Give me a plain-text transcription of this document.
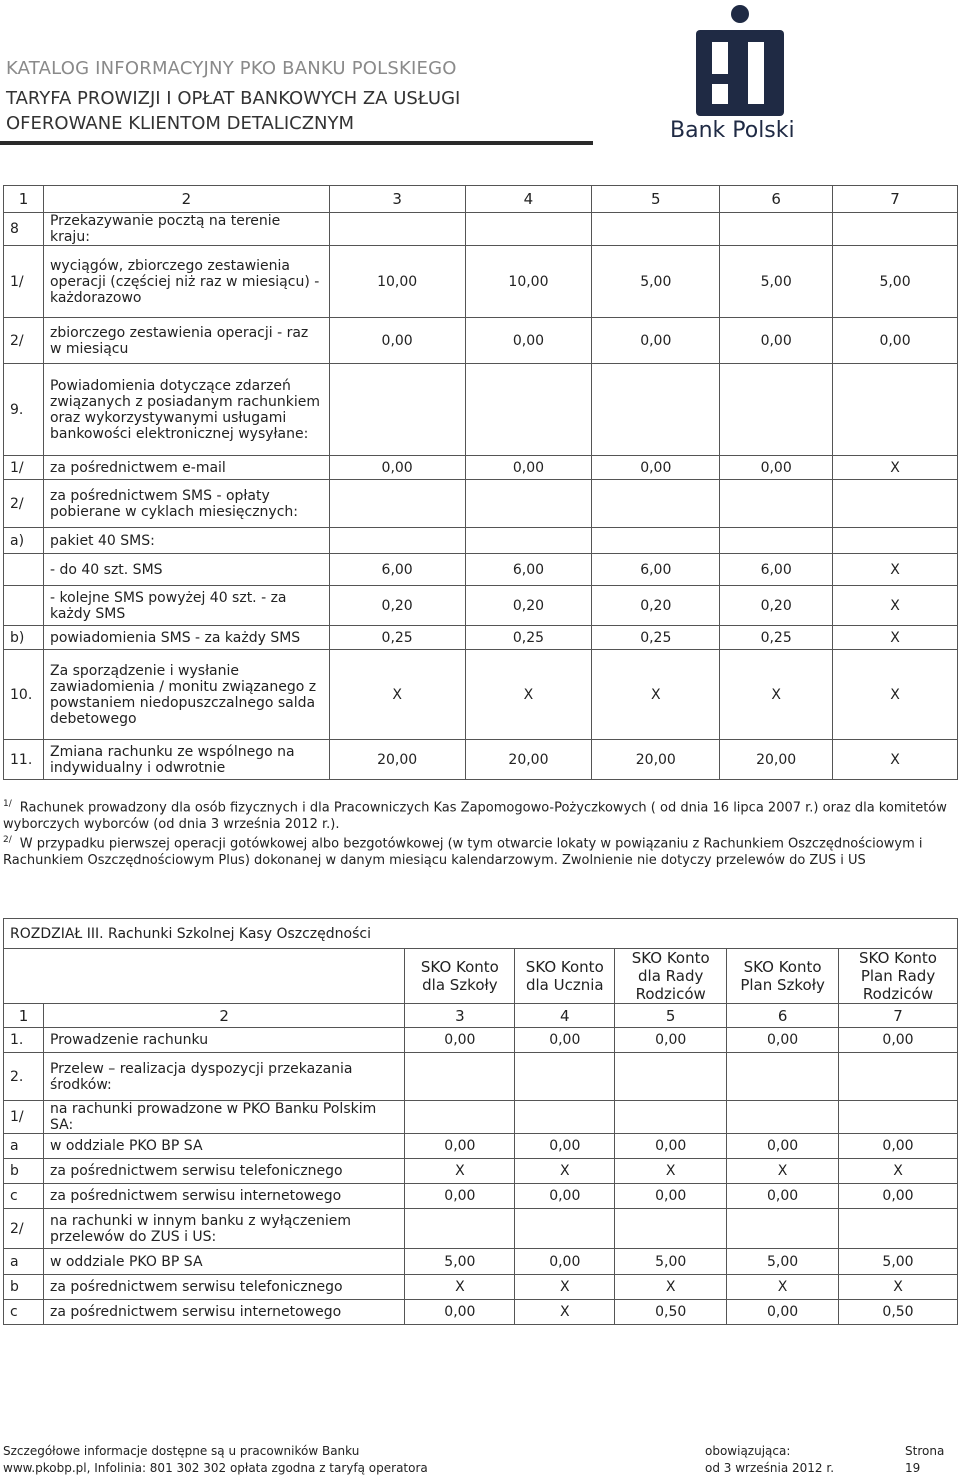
KATALOG INFORMACYJNY PKO BANKU POLSKIEGO
TARYFA PROWIZJI I OPŁAT BANKOWYCH ZA USŁUGI
OFEROWANE KLIENTOM DETALICZNYM	Bank Polski
1	2	3	4	5	6	7
8	Przekazywanie pocztą na terenie kraju:					
1/	wyciągów, zbiorczego zestawienia operacji (częściej niż raz w miesiącu) - każdorazowo	10,00	10,00	5,00	5,00	5,00
2/	zbiorczego zestawienia operacji - raz w miesiącu	0,00	0,00	0,00	0,00	0,00
9.	Powiadomienia dotyczące zdarzeń związanych z posiadanym rachunkiem oraz wykorzystywanymi usługami bankowości elektronicznej wysyłane:					
1/	za pośrednictwem e-mail	0,00	0,00	0,00	0,00	X
2/	za pośrednictwem SMS - opłaty pobierane w cyklach miesięcznych:					
a)	pakiet 40 SMS:					
	- do 40 szt. SMS	6,00	6,00	6,00	6,00	X
	- kolejne SMS powyżej 40 szt. - za każdy SMS	0,20	0,20	0,20	0,20	X
b)	powiadomienia SMS - za każdy SMS	0,25	0,25	0,25	0,25	X
10.	Za sporządzenie i wysłanie zawiadomienia / monitu związanego z powstaniem niedopuszczalnego salda debetowego	X	X	X	X	X
11.	Zmiana rachunku ze wspólnego na indywidualny i odwrotnie	20,00	20,00	20,00	20,00	X
$^{1/}$ Rachunek prowadzony dla osób fizycznych i dla Pracowniczych Kas Zapomogowo-Pożyczkowych ( od dnia 16 lipca 2007 r.) oraz dla komitetów wyborczych wyborców (od dnia 3 września 2012 r.).
$^{2/}$ W przypadku pierwszej operacji gotówkowej albo bezgotówkowej (w tym otwarcie lokaty w powiązaniu z Rachunkiem Oszczędnościowym i Rachunkiem Oszczędnościowym Plus) dokonanej w danym miesiącu kalendarzowym. Zwolnienie nie dotyczy przelewów do ZUS i US
ROZDZIAŁ III. Rachunki Szkolnej Kasy Oszczędności						
		SKO Konto dla Szkoły	SKO Konto dla Ucznia	SKO Konto dla Rady Rodziców	SKO Konto Plan Szkoły	SKO Konto Plan Rady Rodziców
1	2	3	4	5	6	7
1.	Prowadzenie rachunku	0,00	0,00	0,00	0,00	0,00
2.	Przelew – realizacja dyspozycji przekazania środków:					
1/	na rachunki prowadzone w PKO Banku Polskim SA:					
a	w oddziale PKO BP SA	0,00	0,00	0,00	0,00	0,00
b	za pośrednictwem serwisu telefonicznego	X	X	X	X	X
c	za pośrednictwem serwisu internetowego	0,00	0,00	0,00	0,00	0,00
2/	na rachunki w innym banku z wyłączeniem przelewów do ZUS i US:					
a	w oddziale PKO BP SA	5,00	0,00	5,00	5,00	5,00
b	za pośrednictwem serwisu telefonicznego	X	X	X	X	X
c	za pośrednictwem serwisu internetowego	0,00	X	0,50	0,00	0,50
Szczegółowe informacje dostępne są u pracowników Banku
www.pkobp.pl, Infolinia: 801 302 302 opłata zgodna z taryfą operatora
obowiązująca:
od 3 września 2012 r.
Strona 19
